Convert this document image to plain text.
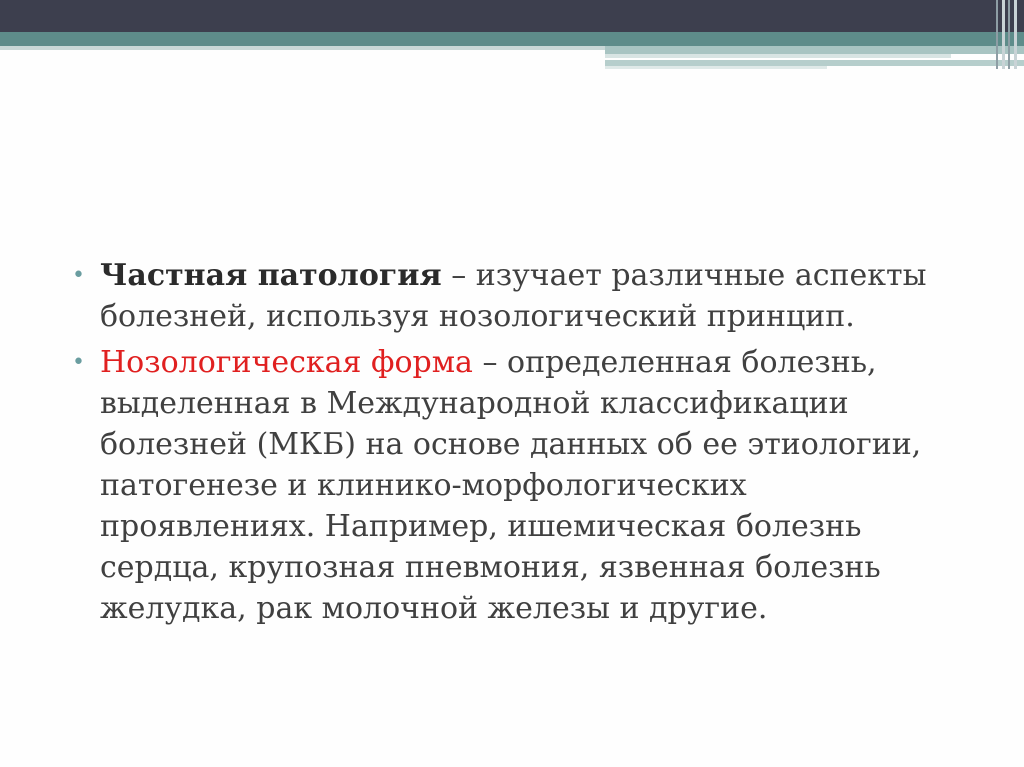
• Частная патология – изучает различные аспекты болезней, используя нозологический принцип.
• Нозологическая форма – определенная болезнь, выделенная в Международной классификации болезней (МКБ) на основе данных об ее этиологии, патогенезе и клинико-морфологических проявлениях. Например, ишемическая болезнь сердца, крупозная пневмония, язвенная болезнь желудка, рак молочной железы и другие.
